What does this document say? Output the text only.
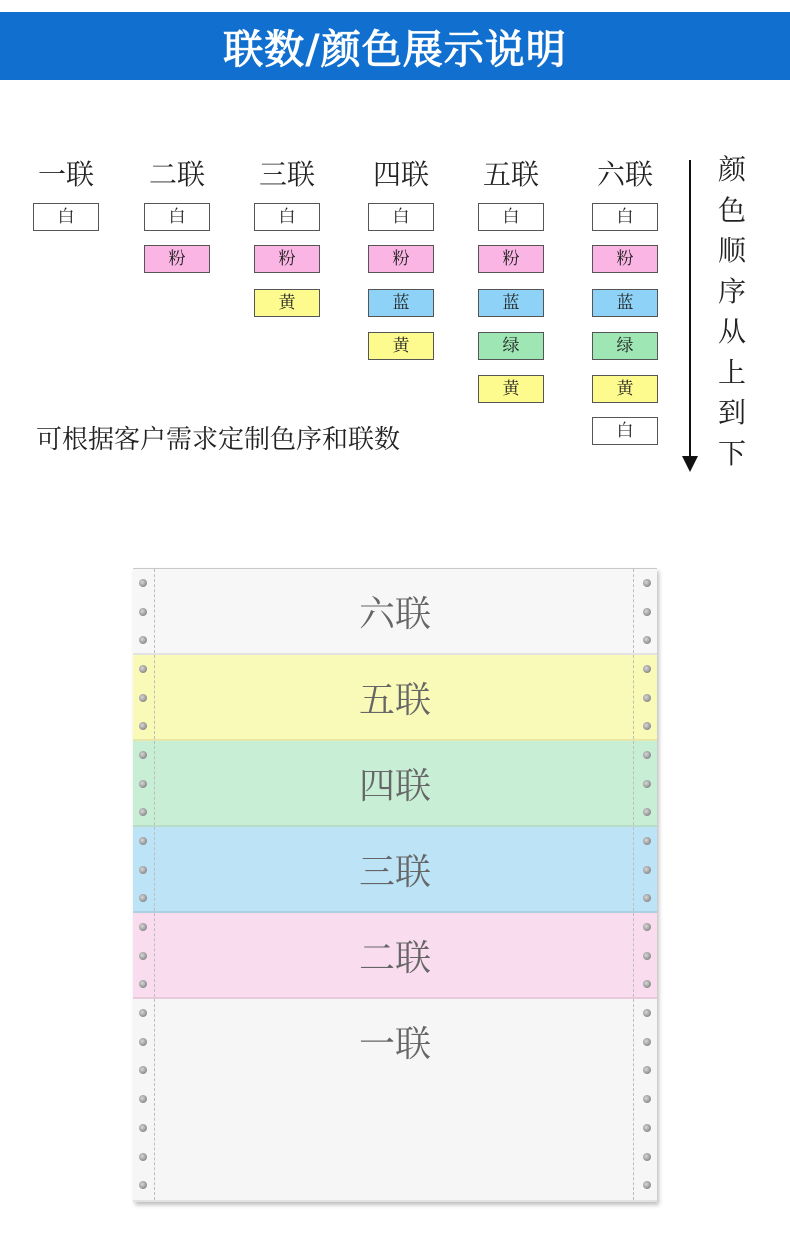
联数/颜色展示说明
一联
白
二联
白
粉
三联
白
粉
黄
四联
白
粉
蓝
黄
五联
白
粉
蓝
绿
黄
六联
白
粉
蓝
绿
黄
白
可根据客户需求定制色序和联数
颜
色
顺
序
从
上
到
下
六联
五联
四联
三联
二联
一联
